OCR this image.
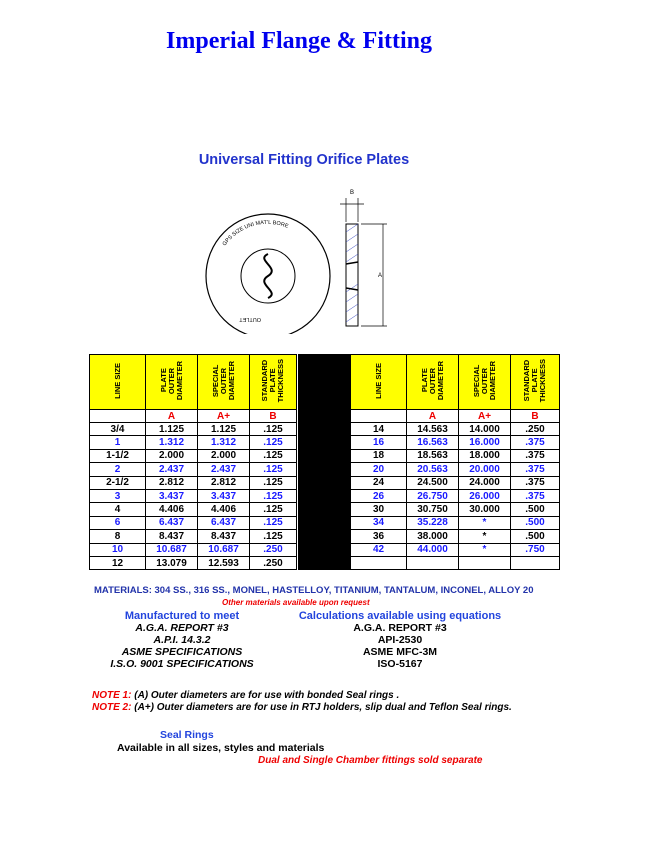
Imperial Flange & Fitting
Universal Fitting Orifice Plates
GPS SIZE UNI MAT'L BORE
OUTLET
B
A
LINE SIZE	PLATE
OUTER
DIAMETER	SPECIAL
OUTER
DIAMETER	STANDARD
PLATE
THICKNESS
	A	A+	B
3/4	1.125	1.125	.125
1	1.312	1.312	.125
1-1/2	2.000	2.000	.125
2	2.437	2.437	.125
2-1/2	2.812	2.812	.125
3	3.437	3.437	.125
4	4.406	4.406	.125
6	6.437	6.437	.125
8	8.437	8.437	.125
10	10.687	10.687	.250
12	13.079	12.593	.250
LINE SIZE	PLATE
OUTER
DIAMETER	SPECIAL
OUTER
DIAMETER	STANDARD
PLATE
THICKNESS
	A	A+	B
14	14.563	14.000	.250
16	16.563	16.000	.375
18	18.563	18.000	.375
20	20.563	20.000	.375
24	24.500	24.000	.375
26	26.750	26.000	.375
30	30.750	30.000	.500
34	35.228	*	.500
36	38.000	*	.500
42	44.000	*	.750

MATERIALS: 304 SS., 316 SS., MONEL, HASTELLOY, TITANIUM, TANTALUM, INCONEL, ALLOY 20
Other materials available upon request
Manufactured to meet
A.G.A. REPORT #3
A.P.I. 14.3.2
ASME SPECIFICATIONS
I.S.O. 9001 SPECIFICATIONS
Calculations available using equations
A.G.A. REPORT #3
API-2530
ASME MFC-3M
ISO-5167
NOTE 1: (A) Outer diameters are for use with bonded Seal rings .
NOTE 2: (A+) Outer diameters are for use in RTJ holders, slip dual and Teflon Seal rings.
Seal Rings
Available in all sizes, styles and materials
Dual and Single Chamber fittings sold separate
